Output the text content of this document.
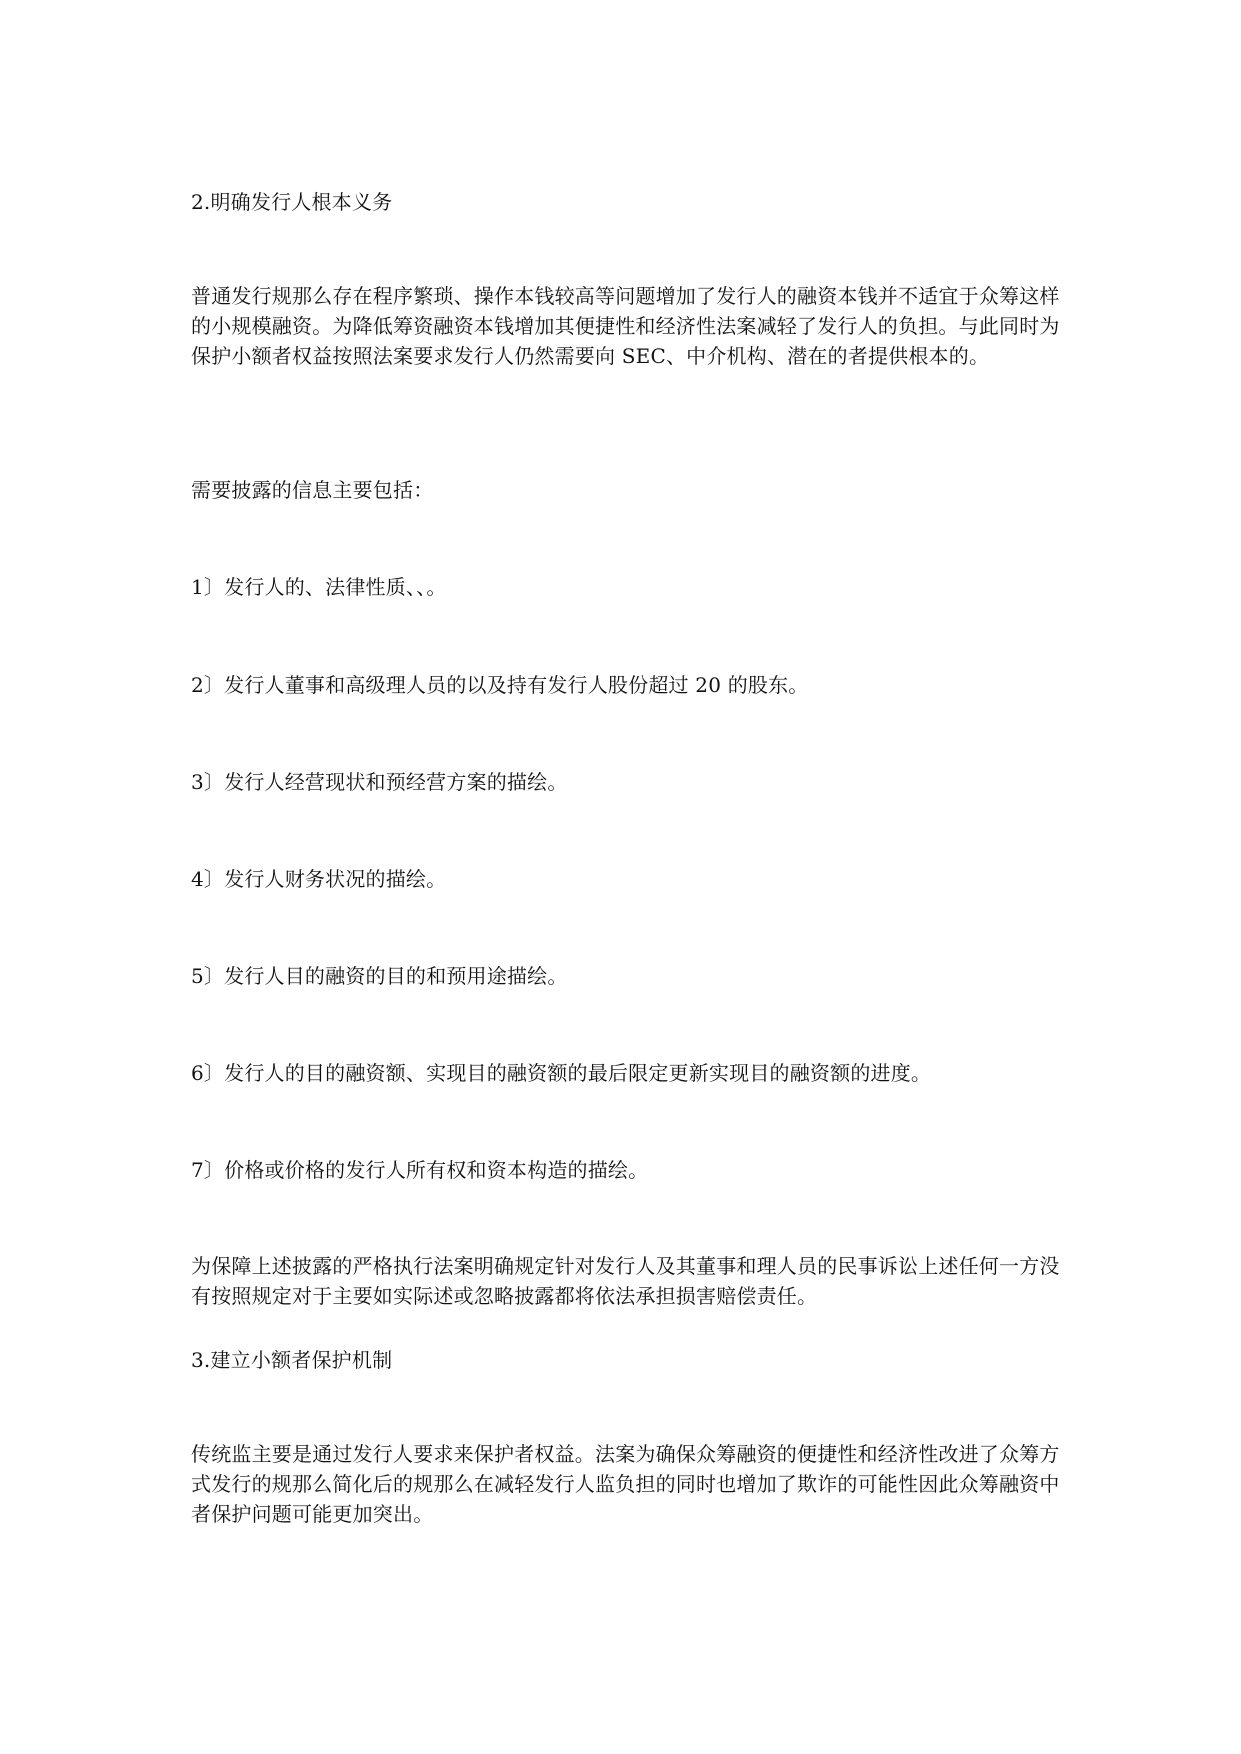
2.明确发行人根本义务

普通发行规那么存在程序繁琐、操作本钱较高等问题增加了发行人的融资本钱并不适宜于众筹这样的小规模融资。为降低筹资融资本钱增加其便捷性和经济性法案减轻了发行人的负担。与此同时为保护小额者权益按照法案要求发行人仍然需要向 SEC、中介机构、潜在的者提供根本的。

需要披露的信息主要包括：

1〕发行人的、法律性质、、。

2〕发行人董事和高级理人员的以及持有发行人股份超过 20 的股东。

3〕发行人经营现状和预经营方案的描绘。

4〕发行人财务状况的描绘。

5〕发行人目的融资的目的和预用途描绘。

6〕发行人的目的融资额、实现目的融资额的最后限定更新实现目的融资额的进度。

7〕价格或价格的发行人所有权和资本构造的描绘。

为保障上述披露的严格执行法案明确规定针对发行人及其董事和理人员的民事诉讼上述任何一方没有按照规定对于主要如实际述或忽略披露都将依法承担损害赔偿责任。

3.建立小额者保护机制

传统监主要是通过发行人要求来保护者权益。法案为确保众筹融资的便捷性和经济性改进了众筹方式发行的规那么简化后的规那么在减轻发行人监负担的同时也增加了欺诈的可能性因此众筹融资中者保护问题可能更加突出。
